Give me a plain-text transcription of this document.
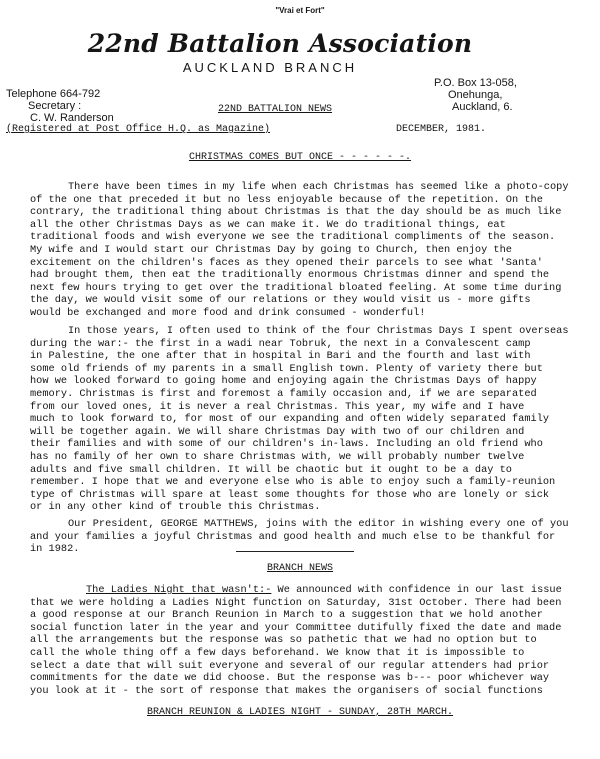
"Vrai et Fort"
22nd Battalion Association
AUCKLAND BRANCH
Telephone 664-792
Secretary :
C. W. Randerson
22ND BATTALION NEWS
P.O. Box 13-058,
Onehunga,
Auckland, 6.
(Registered at Post Office H.Q. as Magazine)	DECEMBER, 1981.
CHRISTMAS COMES BUT ONCE - - - - - -.
There have been times in my life when each Christmas has seemed like a photo-copy
of the one that preceded it but no less enjoyable because of the repetition. On the
contrary, the traditional thing about Christmas is that the day should be as much like
all the other Christmas Days as we can make it. We do traditional things, eat
traditional foods and wish everyone we see the traditional compliments of the season.
My wife and I would start our Christmas Day by going to Church, then enjoy the
excitement on the children's faces as they opened their parcels to see what 'Santa'
had brought them, then eat the traditionally enormous Christmas dinner and spend the
next few hours trying to get over the traditional bloated feeling. At some time during
the day, we would visit some of our relations or they would visit us - more gifts
would be exchanged and more food and drink consumed - wonderful!
In those years, I often used to think of the four Christmas Days I spent overseas
during the war:- the first in a wadi near Tobruk, the next in a Convalescent camp
in Palestine, the one after that in hospital in Bari and the fourth and last with
some old friends of my parents in a small English town. Plenty of variety there but
how we looked forward to going home and enjoying again the Christmas Days of happy
memory. Christmas is first and foremost a family occasion and, if we are separated
from our loved ones, it is never a real Christmas. This year, my wife and I have
much to look forward to, for most of our expanding and often widely separated family
will be together again. We will share Christmas Day with two of our children and
their families and with some of our children's in-laws. Including an old friend who
has no family of her own to share Christmas with, we will probably number twelve
adults and five small children. It will be chaotic but it ought to be a day to
remember. I hope that we and everyone else who is able to enjoy such a family-reunion
type of Christmas will spare at least some thoughts for those who are lonely or sick
or in any other kind of trouble this Christmas.
Our President, GEORGE MATTHEWS, joins with the editor in wishing every one of you
and your families a joyful Christmas and good health and much else to be thankful for
in 1982.
BRANCH NEWS
The Ladies Night that wasn't:- We announced with confidence in our last issue
that we were holding a Ladies Night function on Saturday, 31st October. There had been
a good response at our Branch Reunion in March to a suggestion that we hold another
social function later in the year and your Committee dutifully fixed the date and made
all the arrangements but the response was so pathetic that we had no option but to
call the whole thing off a few days beforehand. We know that it is impossible to
select a date that will suit everyone and several of our regular attenders had prior
commitments for the date we did choose. But the response was b--- poor whichever way
you look at it - the sort of response that makes the organisers of social functions
BRANCH REUNION & LADIES NIGHT - SUNDAY, 28TH MARCH.
